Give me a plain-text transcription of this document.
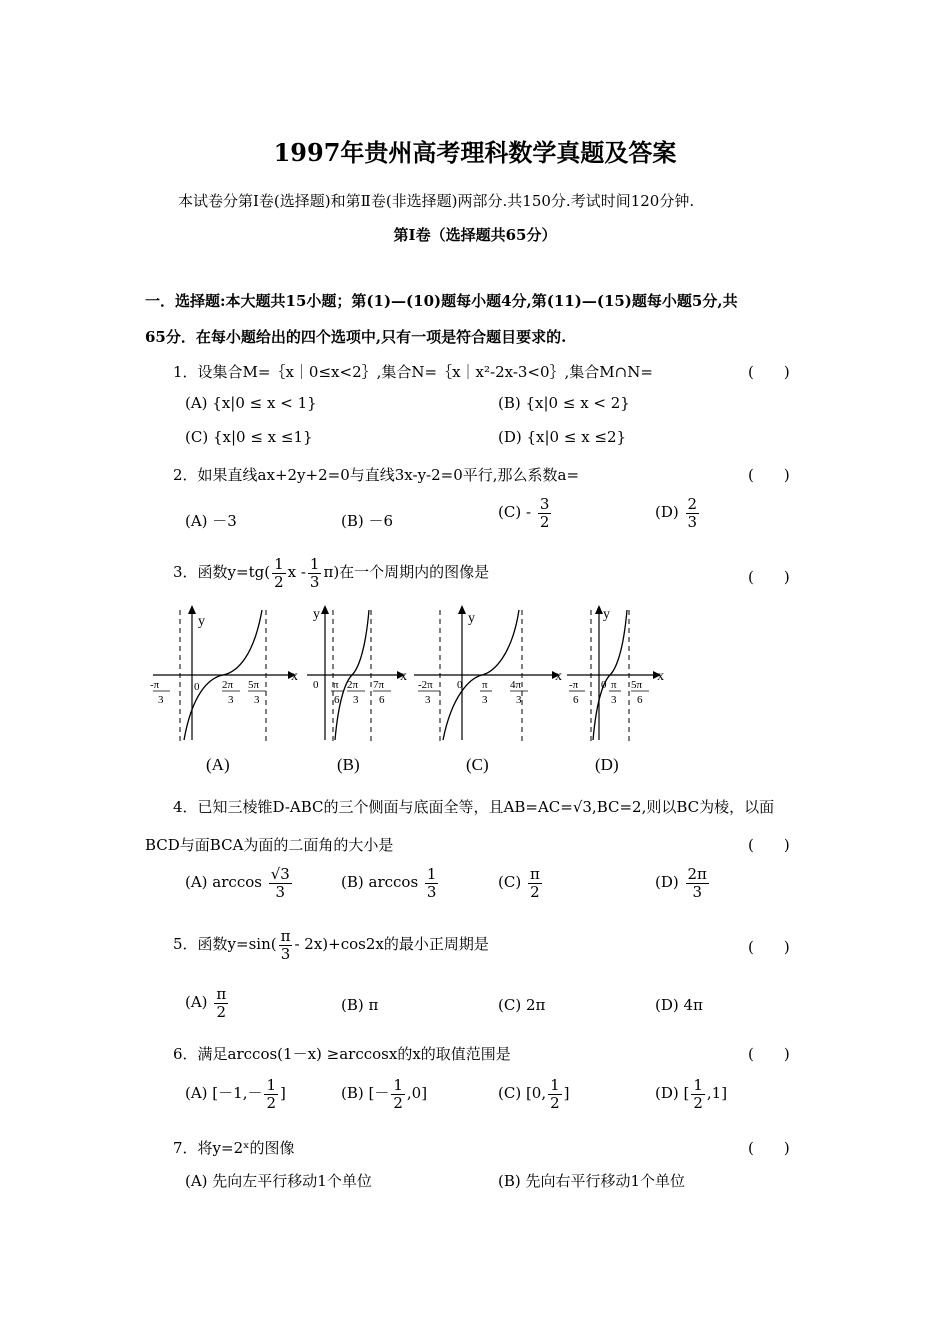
1997年贵州高考理科数学真题及答案
本试卷分第Ⅰ卷(选择题)和第Ⅱ卷(非选择题)两部分.共150分.考试时间120分钟.
第Ⅰ卷（选择题共65分）
一．选择题:本大题共15小题；第(1)—(10)题每小题4分,第(11)—(15)题每小题5分,共
65分．在每小题给出的四个选项中,只有一项是符合题目要求的.
1．设集合M=｛x｜0≤x<2｝,集合N=｛x｜x²-2x-3<0｝,集合M∩N=	(　　)
(A) {x|0 ≤ x < 1}	(B) {x|0 ≤ x < 2}
(C) {x|0 ≤ x ≤1}	(D) {x|0 ≤ x ≤2}
2．如果直线ax+2y+2=0与直线3x-y-2=0平行,那么系数a=	(　　)
(A) －3	(B) －6	$(C) - \frac{3}{2}$	$(D) \frac{2}{3}$
3．函数$y=tg( \frac{1}{2}$ x - $\frac{1}{3} \pi$)在一个周期内的图像是	(　　)
x
y
0
-π
3
2π
3
5π
3
(A)
x
y
0 π
6
2π
3
7π
6
(B)
x
y
0
-2π
3
π
3
4π
3
(C)
x
y
0
-π
6
π
3
5π
6
(D)
4．已知三棱锥D-ABC的三个侧面与底面全等，且AB=AC=√3,BC=2,则以BC为棱，以面
BCD与面BCA为面的二面角的大小是	(　　)
(A) $\arccos \frac{√3}{3}$	(B) $\arccos \frac{1}{3}$	$(C) \frac{\pi}{2}$	$(D) \frac{2\pi}{3}$
5．函数$y=\sin( \frac{\pi}{3} - 2x)+\cos 2x$的最小正周期是	(　　)
$(A) \frac{\pi}{2}$	(B) π	(C) 2π	(D) 4π
6．满足arccos(1－x) ≥arccosx的x的取值范围是	(　　)
(A) [$-1,- \frac{1}{2}$ ]	(B) [－ $\frac{1}{2} ,0$]	(C) [0, $\frac{1}{2}$ ]	(D) [ $\frac{1}{2} ,1$]
7．将y=2ˣ的图像	(　　)
(A) 先向左平行移动1个单位	(B) 先向右平行移动1个单位
